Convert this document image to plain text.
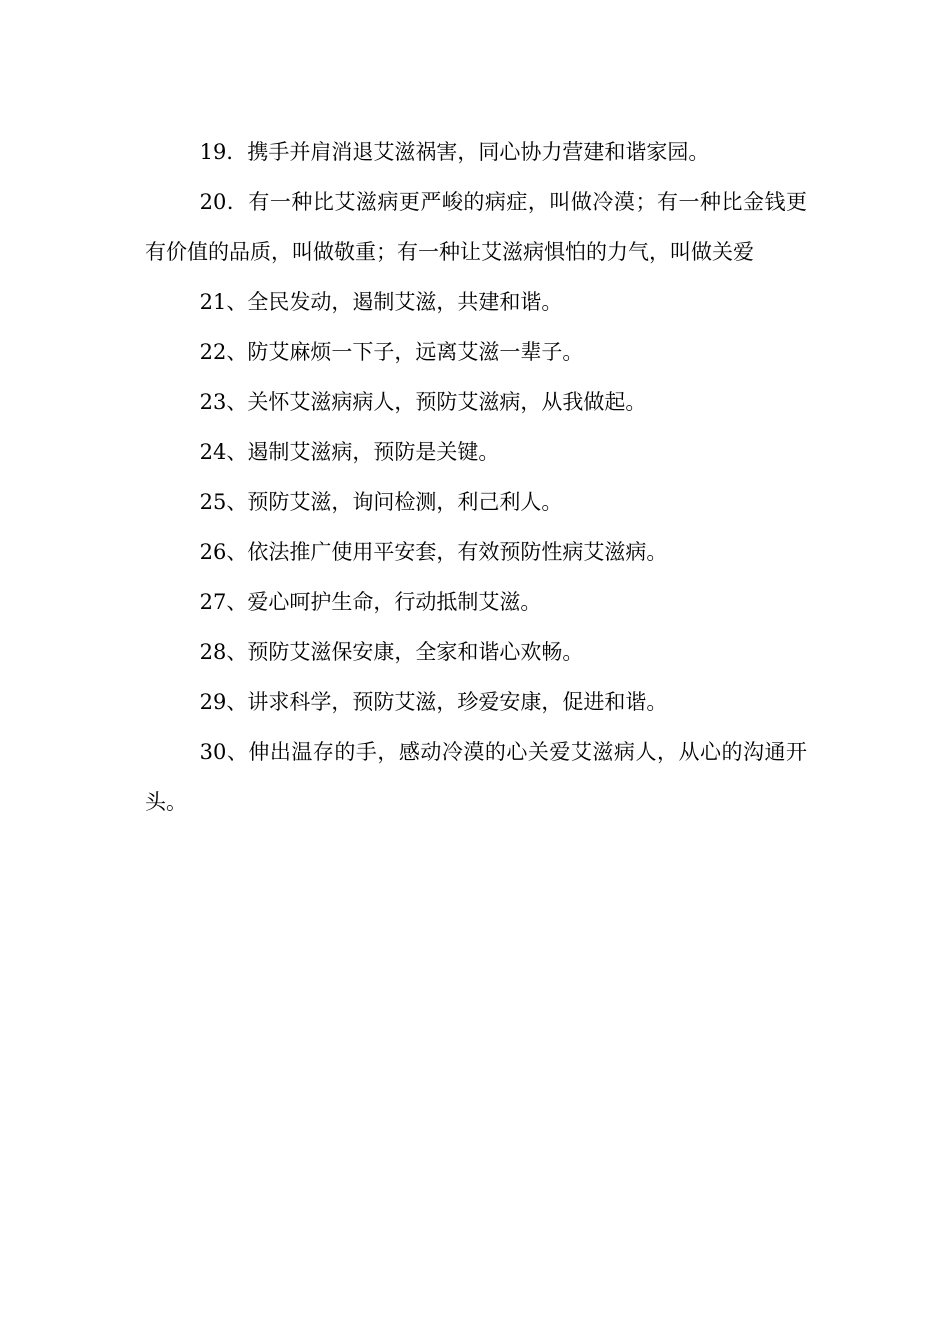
19．携手并肩消退艾滋祸害，同心协力营建和谐家园。

20．有一种比艾滋病更严峻的病症，叫做冷漠；有一种比金钱更有价值的品质，叫做敬重；有一种让艾滋病惧怕的力气，叫做关爱

21、全民发动，遏制艾滋，共建和谐。

22、防艾麻烦一下子，远离艾滋一辈子。

23、关怀艾滋病病人，预防艾滋病，从我做起。

24、遏制艾滋病，预防是关键。

25、预防艾滋，询问检测，利己利人。

26、依法推广使用平安套，有效预防性病艾滋病。

27、爱心呵护生命，行动抵制艾滋。

28、预防艾滋保安康，全家和谐心欢畅。

29、讲求科学，预防艾滋，珍爱安康，促进和谐。

30、伸出温存的手，感动冷漠的心关爱艾滋病人，从心的沟通开头。
